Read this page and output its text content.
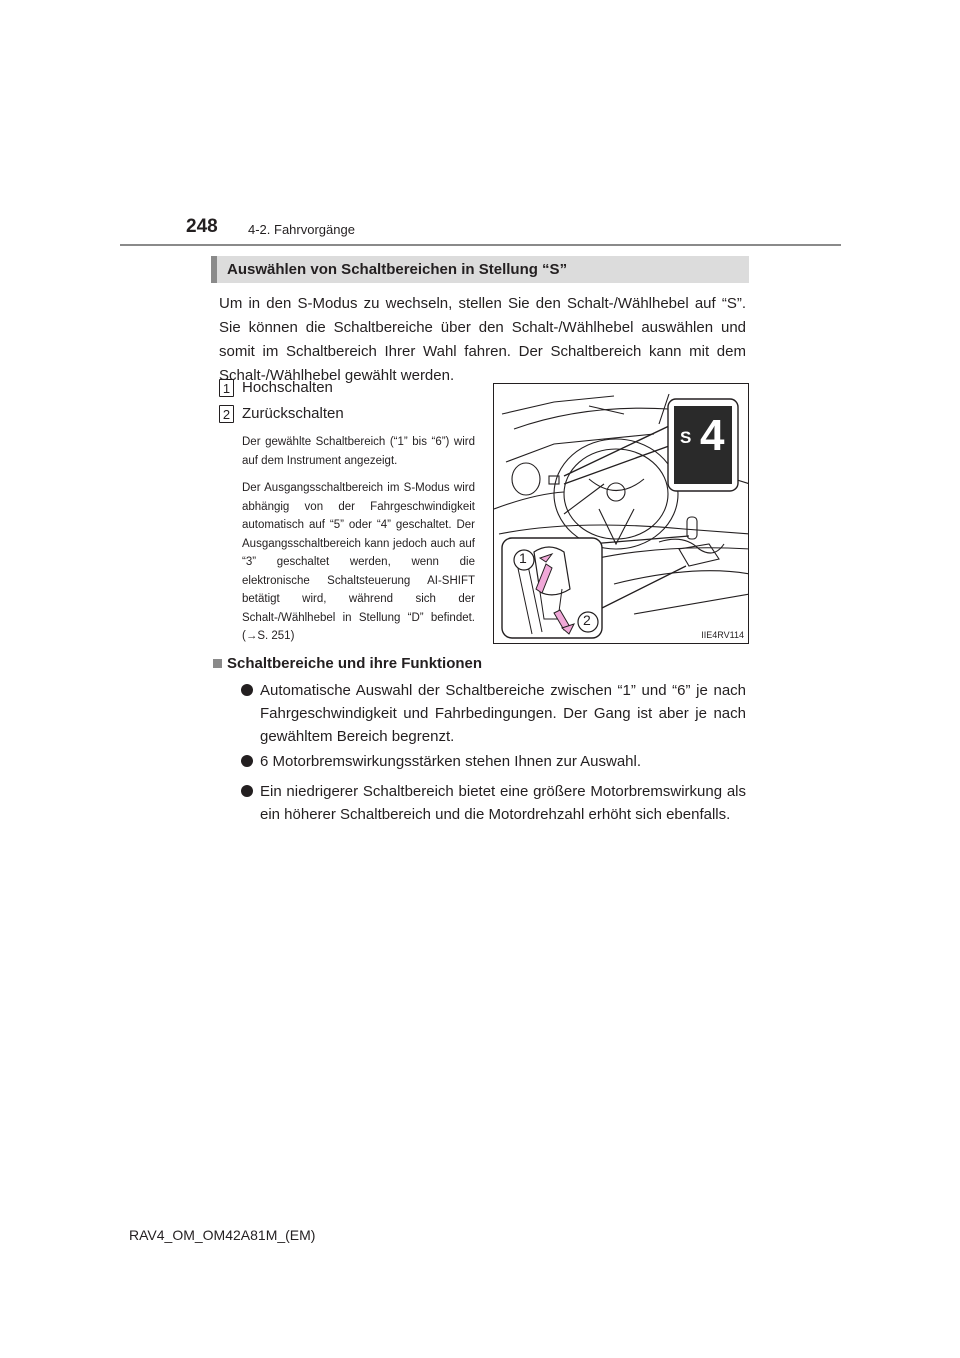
248 4-2. Fahrvorgänge
Auswählen von Schaltbereichen in Stellung “S”
Um in den S-Modus zu wechseln, stellen Sie den Schalt-/Wählhebel auf “S”. Sie können die Schaltbereiche über den Schalt-/Wählhebel auswählen und somit im Schaltbereich Ihrer Wahl fahren. Der Schaltbereich kann mit dem Schalt-/Wählhebel gewählt werden.
1 Hochschalten
2 Zurückschalten
Der gewählte Schaltbereich (“1” bis “6”) wird auf dem Instrument angezeigt.
Der Ausgangsschaltbereich im S-Modus wird abhängig von der Fahrgeschwindigkeit automatisch auf “5” oder “4” geschaltet. Der Ausgangsschaltbereich kann jedoch auch auf “3” geschaltet werden, wenn die elektronische Schaltsteuerung AI-SHIFT betätigt wird, während sich der Schalt-/Wählhebel in Stellung “D” befindet. (→S. 251)
S 4
1
2
IIE4RV114
Schaltbereiche und ihre Funktionen
Automatische Auswahl der Schaltbereiche zwischen “1” und “6” je nach Fahrgeschwindigkeit und Fahrbedingungen. Der Gang ist aber je nach gewähltem Bereich begrenzt.
6 Motorbremswirkungsstärken stehen Ihnen zur Auswahl.
Ein niedrigerer Schaltbereich bietet eine größere Motorbremswirkung als ein höherer Schaltbereich und die Motordrehzahl erhöht sich ebenfalls.
RAV4_OM_OM42A81M_(EM)
